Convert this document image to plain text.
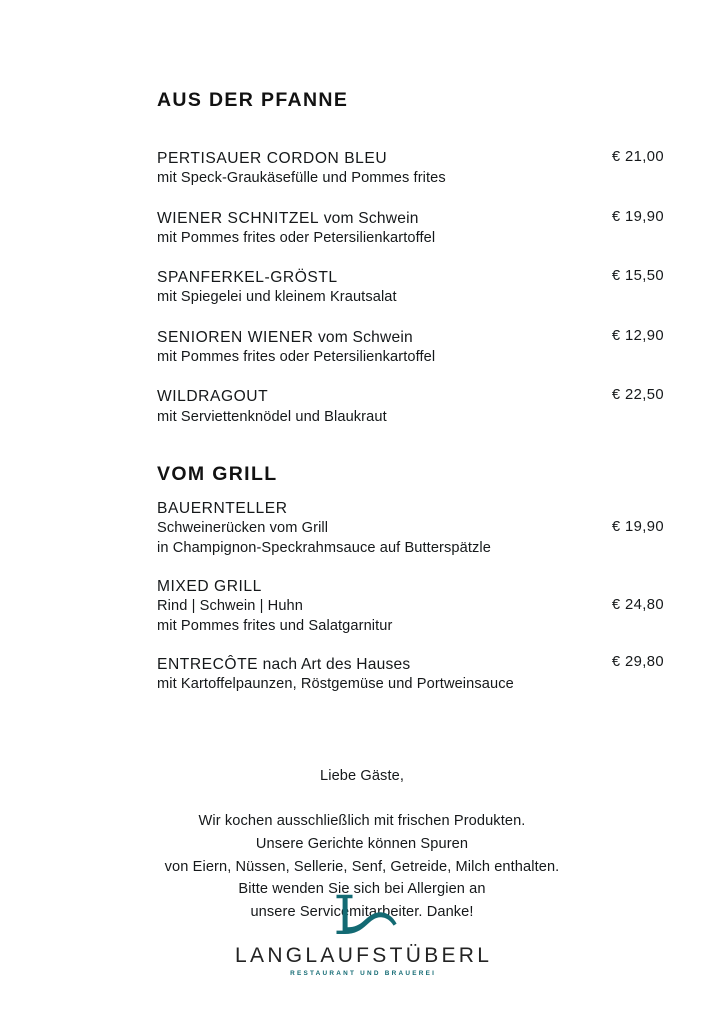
AUS DER PFANNE
PERTISAUER CORDON BLEU
mit Speck-Graukäsefülle und Pommes frites
€ 21,00
WIENER SCHNITZEL vom Schwein
mit Pommes frites oder Petersilienkartoffel
€ 19,90
SPANFERKEL-GRÖSTL
mit Spiegelei und kleinem Krautsalat
€ 15,50
SENIOREN WIENER vom Schwein
mit Pommes frites oder Petersilienkartoffel
€ 12,90
WILDRAGOUT
mit Serviettenknödel und Blaukraut
€ 22,50
VOM GRILL
BAUERNTELLER
Schweinerücken vom Grill
in Champignon-Speckrahmsauce auf Butterspätzle
€ 19,90
MIXED GRILL
Rind | Schwein | Huhn
mit Pommes frites und Salatgarnitur
€ 24,80
ENTRECÔTE nach Art des Hauses
mit Kartoffelpaunzen, Röstgemüse und Portweinsauce
€ 29,80
Liebe Gäste,
Wir kochen ausschließlich mit frischen Produkten.
Unsere Gerichte können Spuren
von Eiern, Nüssen, Sellerie, Senf, Getreide, Milch enthalten.
Bitte wenden Sie sich bei Allergien an
unsere Servicemitarbeiter. Danke!
LANGLAUFSTÜBERL
RESTAURANT UND BRAUEREI
